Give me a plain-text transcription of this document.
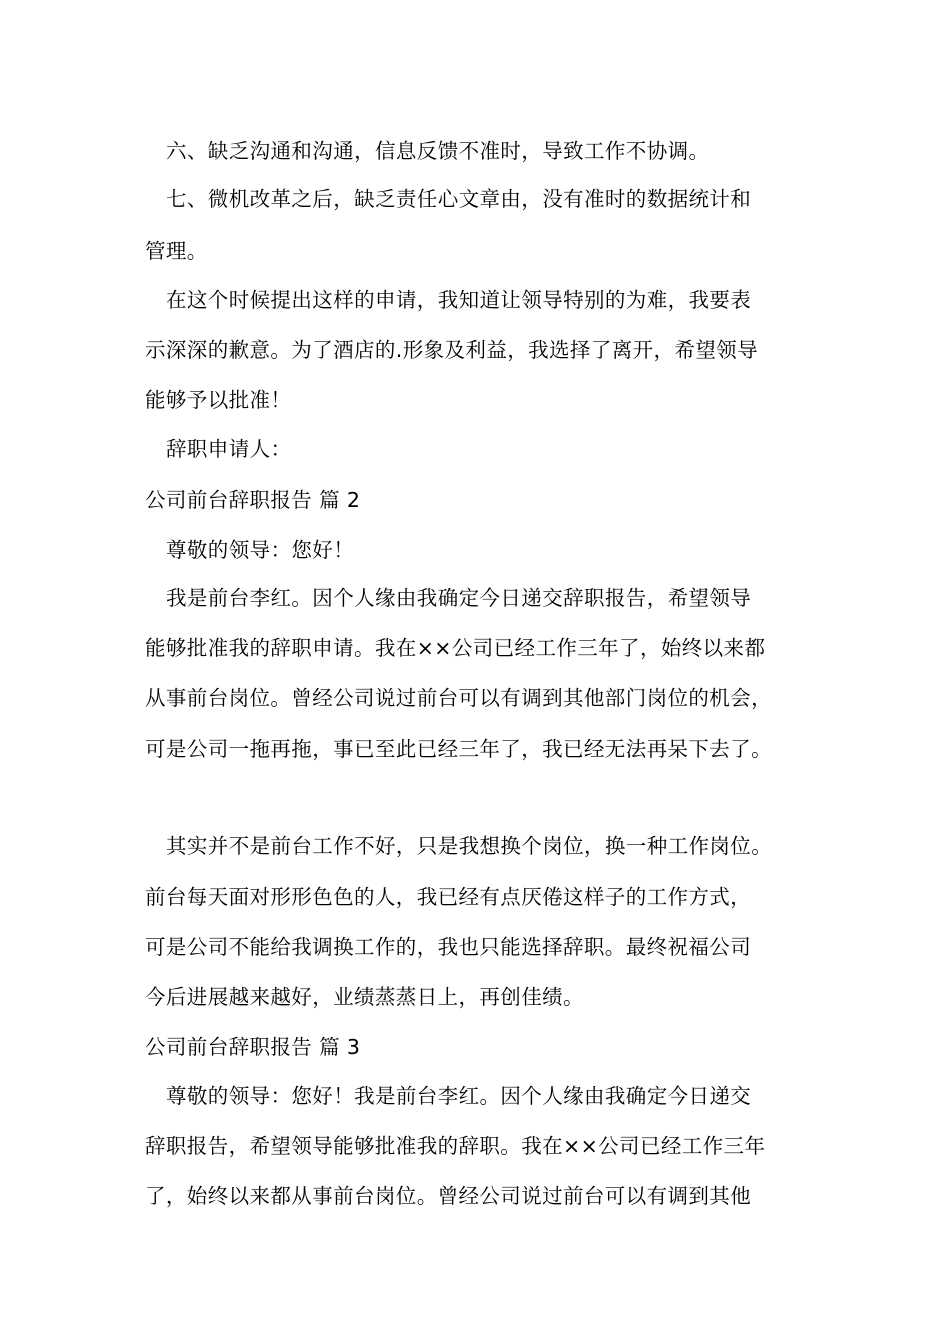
六、缺乏沟通和沟通，信息反馈不准时，导致工作不协调。
七、微机改革之后，缺乏责任心文章由，没有准时的数据统计和
管理。
在这个时候提出这样的申请，我知道让领导特别的为难，我要表
示深深的歉意。为了酒店的.形象及利益，我选择了离开，希望领导
能够予以批准！
辞职申请人：
公司前台辞职报告 篇 2
尊敬的领导：您好！
我是前台李红。因个人缘由我确定今日递交辞职报告，希望领导
能够批准我的辞职申请。我在××公司已经工作三年了，始终以来都
从事前台岗位。曾经公司说过前台可以有调到其他部门岗位的机会，
可是公司一拖再拖，事已至此已经三年了，我已经无法再呆下去了。
其实并不是前台工作不好，只是我想换个岗位，换一种工作岗位。
前台每天面对形形色色的人，我已经有点厌倦这样子的工作方式，
可是公司不能给我调换工作的，我也只能选择辞职。最终祝福公司
今后进展越来越好，业绩蒸蒸日上，再创佳绩。
公司前台辞职报告 篇 3
尊敬的领导：您好！我是前台李红。因个人缘由我确定今日递交
辞职报告，希望领导能够批准我的辞职。我在××公司已经工作三年
了，始终以来都从事前台岗位。曾经公司说过前台可以有调到其他
